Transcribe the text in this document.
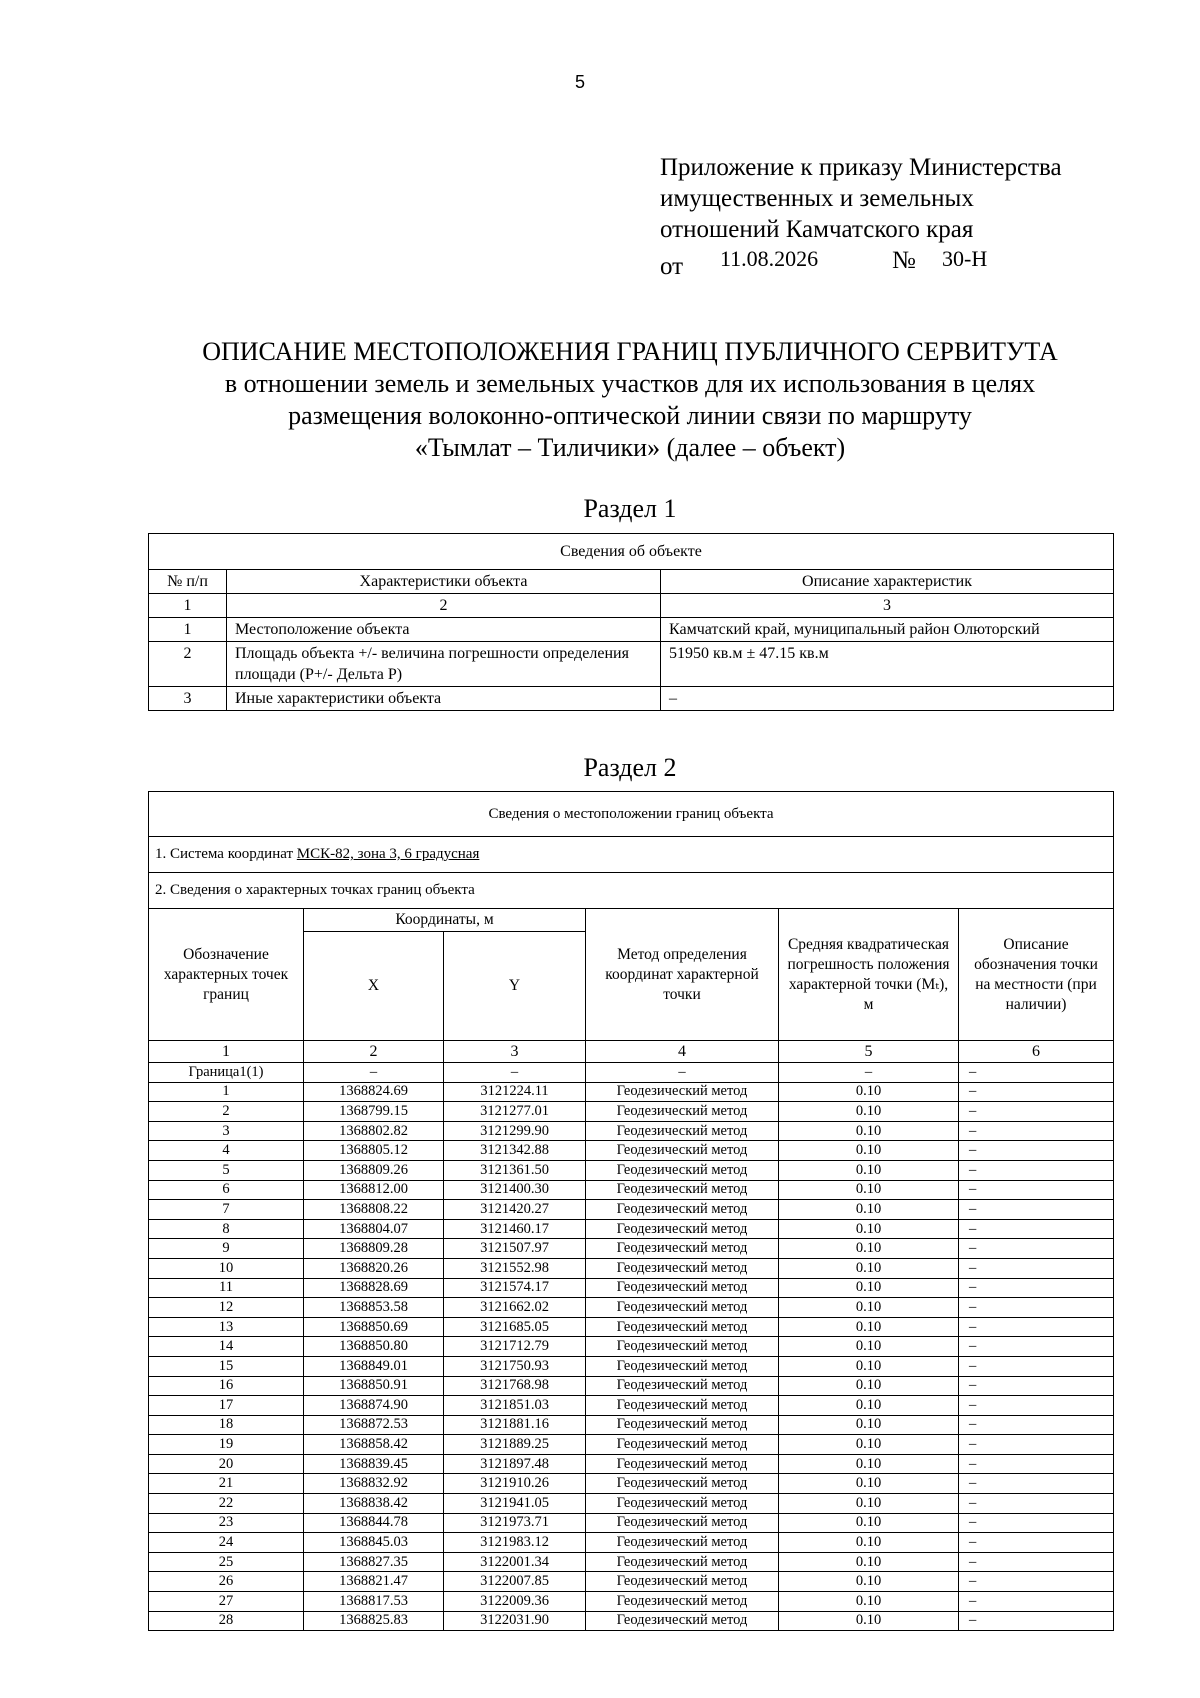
5
Приложение к приказу Министерства
имущественных и земельных
отношений Камчатского края
от 11.08.2026	№ 30-Н
ОПИСАНИЕ МЕСТОПОЛОЖЕНИЯ ГРАНИЦ ПУБЛИЧНОГО СЕРВИТУТА
в отношении земель и земельных участков для их использования в целях
размещения волоконно-оптической линии связи по маршруту
«Тымлат – Тиличики» (далее – объект)
Раздел 1
Сведения об объекте		
№ п/п	Характеристики объекта	Описание характеристик
1	2	3
1	Местоположение объекта	Камчатский край, муниципальный район Олюторский
2	Площадь объекта +/- величина погрешности определения площади (Р+/- Дельта Р)	51950 кв.м ± 47.15 кв.м
3	Иные характеристики объекта	–
Раздел 2
Сведения о местоположении границ объекта					
1. Система координат МСК-82, зона 3, 6 градусная					
2. Сведения о характерных точках границ объекта					
Обозначение характерных точек границ	Координаты, м		Метод определения координат характерной точки	Средняя квадратическая погрешность положения характерной точки (Mₜ), м	Описание обозначения точки на местности (при наличии)
	X	Y			
1	2	3	4	5	6
Граница1(1)	–	–	–	–	–
1	1368824.69	3121224.11	Геодезический метод	0.10	–
2	1368799.15	3121277.01	Геодезический метод	0.10	–
3	1368802.82	3121299.90	Геодезический метод	0.10	–
4	1368805.12	3121342.88	Геодезический метод	0.10	–
5	1368809.26	3121361.50	Геодезический метод	0.10	–
6	1368812.00	3121400.30	Геодезический метод	0.10	–
7	1368808.22	3121420.27	Геодезический метод	0.10	–
8	1368804.07	3121460.17	Геодезический метод	0.10	–
9	1368809.28	3121507.97	Геодезический метод	0.10	–
10	1368820.26	3121552.98	Геодезический метод	0.10	–
11	1368828.69	3121574.17	Геодезический метод	0.10	–
12	1368853.58	3121662.02	Геодезический метод	0.10	–
13	1368850.69	3121685.05	Геодезический метод	0.10	–
14	1368850.80	3121712.79	Геодезический метод	0.10	–
15	1368849.01	3121750.93	Геодезический метод	0.10	–
16	1368850.91	3121768.98	Геодезический метод	0.10	–
17	1368874.90	3121851.03	Геодезический метод	0.10	–
18	1368872.53	3121881.16	Геодезический метод	0.10	–
19	1368858.42	3121889.25	Геодезический метод	0.10	–
20	1368839.45	3121897.48	Геодезический метод	0.10	–
21	1368832.92	3121910.26	Геодезический метод	0.10	–
22	1368838.42	3121941.05	Геодезический метод	0.10	–
23	1368844.78	3121973.71	Геодезический метод	0.10	–
24	1368845.03	3121983.12	Геодезический метод	0.10	–
25	1368827.35	3122001.34	Геодезический метод	0.10	–
26	1368821.47	3122007.85	Геодезический метод	0.10	–
27	1368817.53	3122009.36	Геодезический метод	0.10	–
28	1368825.83	3122031.90	Геодезический метод	0.10	–
